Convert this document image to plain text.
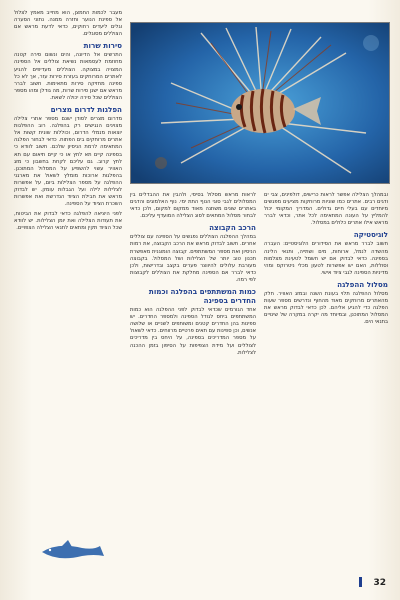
מעבר לכמות החמצן, הוא מחייב מאמץ לצלול אל ספינת הנוער וחזרה ממנה. נתוני הסערה וגלים ליעדים רחוקים, כדאי לדעת מראש אם הצוללים מסוגלים.

סירות שרות

התרשים אל הדיונה, והים ונשום סירה קטנה מחוזמת לעסמאות נשיאת צוללים אל הספינה המצויה במצוקה. הצוללים מעדיפים להגיע לאתרים המרוחקים בעזרת סירות עזר, אך לא כל ספינה מחזיקה סירות מתאימות. חשוב לברר מראש אם ישנן סירות שרות, מה גודלן ומהו מספר הצוללים שכל סירה יכולה לשאת.

הפלגות לדרום מצרים

מדרום מצרים לסודן ישנם מספר אתרי צלילה מצוינים הנגישים רק בהפלגה. רוב ההפלגות יוצאות מנמלי הדרום, וכוללות שונית קשות אל אתרים מרוחקים בים הפתוח. כדאי לבחור הפלגה המתאימה לרמת הניסיון שלכם. חשוב לוודא כי בספינה קיים תא לחץ או כי קיים תיאום עם תא לחץ קרוב. גם עליכם לקחת בחשבון כי מזג האוויר עשוי להשפיע על המסלול המתוכנן. בהפלגות ארוכות מומלץ לשאול את מארגני ההפלגה על מספר הצלילות ביום, על אפשרות לצלילות לילה ועל הגבלות עומק. יש לבדוק מראש את חבילת הציוד הנדרשת ואת אפשרות השכרת הציוד על הספינה.

לפני היציאה להפלגה כדאי לבדוק את הביטוח, את תעודות הצלילה ואת יומן הצלילות. יש לוודא שכל הציוד תקין ומתאים לתנאי הצלילה הצפויים.

לראות מראש מסלול בסיסי, ולהבין את ההבדלים בין המסלולים לגבי סוגי הנוף התת ימי. נוף האלמוגים והדגים באתרים שונים משתנה מאוד ממקום למקום, ולכן כדאי לבחור מסלול המתאים לסוג הצלילה המועדף עליכם.

הרכב הקבוצה

במהלך ההפלגה הצוללים נפגשים על הספינה עם צוללים אחרים. חשוב לבדוק מראש את הרכב הקבוצה, את רמות הניסיון ואת מספר המשתתפים. קבוצה הומוגנית מאפשרת תכנון טוב יותר של הצלילות ושל המסלול. בקבוצה מעורבת עלולים להיווצר פערים בקצב ובדרישות, ולכן כדאי לברר אם הספינה מחלקת את הצוללים לקבוצות לפי רמה.

כמות המשתתפים בהפלגה וכמות החדרים בספינה

אחד הגורמים שכדאי לבדוק לפני ההפלגה הוא כמות המשתתפים ביחס לגודל הספינה ולמספר החדרים. יש ספינות בהן החדרים קטנים ומשותפים לשניים או שלושה אנשים, וכן ספינות עם תאים פרטיים מרווחים. כדאי לשאול על מספר המדריכים בספינה, על היחס בין מדריכים לצוללים ועל מידת הצפיפות על הסיפון בזמן ההכנה לצלילות.

ובמהלך הצלילה אפשר לראות כרישים, דולפינים, צבי ים ודגים רבים. אתרים כמו שוניות מרוחקות מציעים מפגשים מיוחדים עם בעלי חיים גדולים. המדריך המקומי יכול להמליץ על העונה המתאימה לכל אתר, וכדאי לברר מראש אילו אתרים כלולים במסלול.

לוגיסטיקה

חשוב לברר מראש את הסידורים הלוגיסטיים: העברה מהשדה לנמל, ארוחות, מים ושתייה, ותנאי הלינה בספינה. כדאי לבדוק אם יש חשמל לטעינת מצלמות וסוללות, האם יש אפשרות לטעון מכלי ניטרוקס ומהי מדיניות הספינה לגבי ציוד אישי.

מסלול ההפלגה

מסלול ההפלגה תלוי בעונת השנה ובמזג האוויר. חלק מהאתרים מרוחקים מאוד מהחוף ונדרשים מספר שעות הפלגה כדי להגיע אליהם. לכן כדאי לבדוק מראש את המסלול המתוכנן, ובמיוחד מה יקרה במקרה של שינויים בתנאי הים.

32
